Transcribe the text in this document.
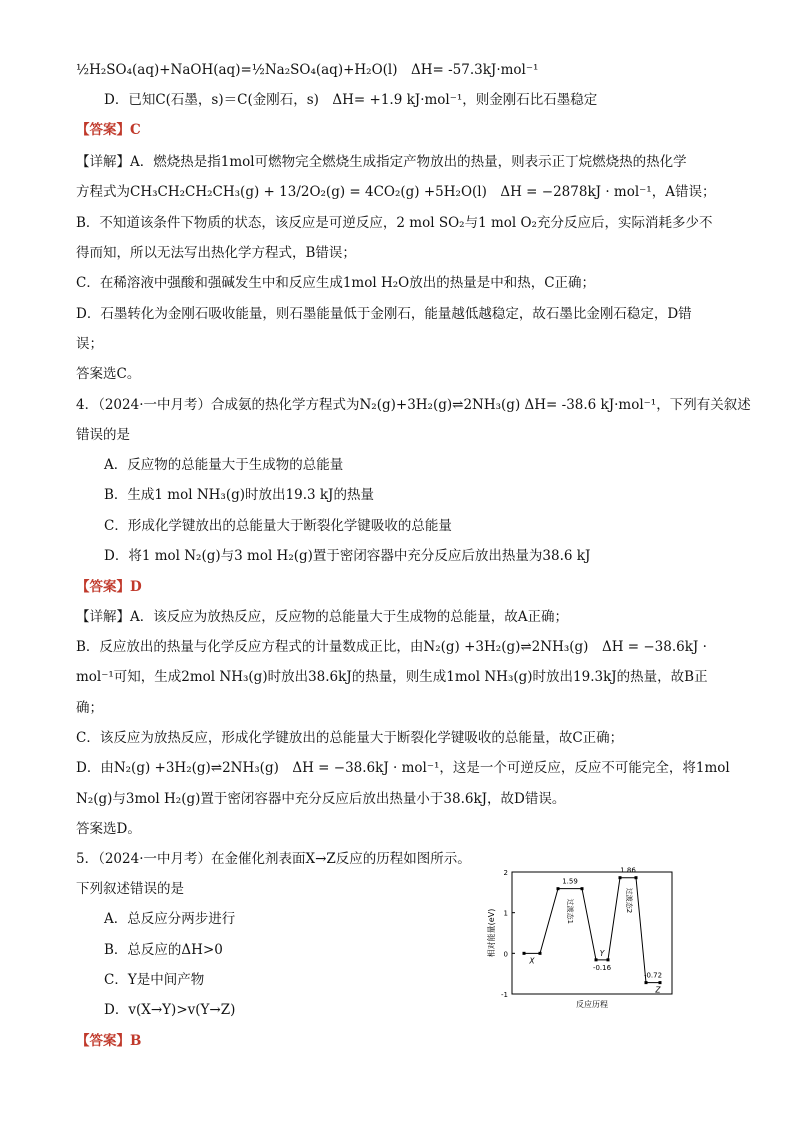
½H₂SO₄(aq)+NaOH(aq)=½Na₂SO₄(aq)+H₂O(l)　ΔH= -57.3kJ·mol⁻¹
D．已知C(石墨，s)＝C(金刚石，s)　ΔH= +1.9 kJ·mol⁻¹，则金刚石比石墨稳定
【答案】C
【详解】A．燃烧热是指1mol可燃物完全燃烧生成指定产物放出的热量，则表示正丁烷燃烧热的热化学
方程式为CH₃CH₂CH₂CH₃(g) + 13/2O₂(g) = 4CO₂(g) +5H₂O(l)　ΔH = −2878kJ · mol⁻¹，A错误；
B．不知道该条件下物质的状态，该反应是可逆反应，2 mol SO₂与1 mol O₂充分反应后，实际消耗多少不
得而知，所以无法写出热化学方程式，B错误；
C．在稀溶液中强酸和强碱发生中和反应生成1mol H₂O放出的热量是中和热，C正确；
D．石墨转化为金刚石吸收能量，则石墨能量低于金刚石，能量越低越稳定，故石墨比金刚石稳定，D错
误；
答案选C。
4．（2024·一中月考）合成氨的热化学方程式为N₂(g)+3H₂(g)⇌2NH₃(g) ΔH= -38.6 kJ·mol⁻¹，下列有关叙述
错误的是
A．反应物的总能量大于生成物的总能量
B．生成1 mol NH₃(g)时放出19.3 kJ的热量
C．形成化学键放出的总能量大于断裂化学键吸收的总能量
D．将1 mol N₂(g)与3 mol H₂(g)置于密闭容器中充分反应后放出热量为38.6 kJ
【答案】D
【详解】A．该反应为放热反应，反应物的总能量大于生成物的总能量，故A正确；
B．反应放出的热量与化学反应方程式的计量数成正比，由N₂(g) +3H₂(g)⇌2NH₃(g)　ΔH = −38.6kJ ·
mol⁻¹可知，生成2mol NH₃(g)时放出38.6kJ的热量，则生成1mol NH₃(g)时放出19.3kJ的热量，故B正
确；
C．该反应为放热反应，形成化学键放出的总能量大于断裂化学键吸收的总能量，故C正确；
D．由N₂(g) +3H₂(g)⇌2NH₃(g)　ΔH = −38.6kJ · mol⁻¹，这是一个可逆反应，反应不可能完全，将1mol
N₂(g)与3mol H₂(g)置于密闭容器中充分反应后放出热量小于38.6kJ，故D错误。
答案选D。
5．（2024·一中月考）在金催化剂表面X→Z反应的历程如图所示。
下列叙述错误的是
A．总反应分两步进行
B．总反应的ΔH>0
C．Y是中间产物
D．v(X→Y)>v(Y→Z)
【答案】B
相对能量(eV)
反应历程
2
1
0
-1
X
过渡态1
Y
过渡态2
Z
1.59
-0.16
1.86
-0.72
